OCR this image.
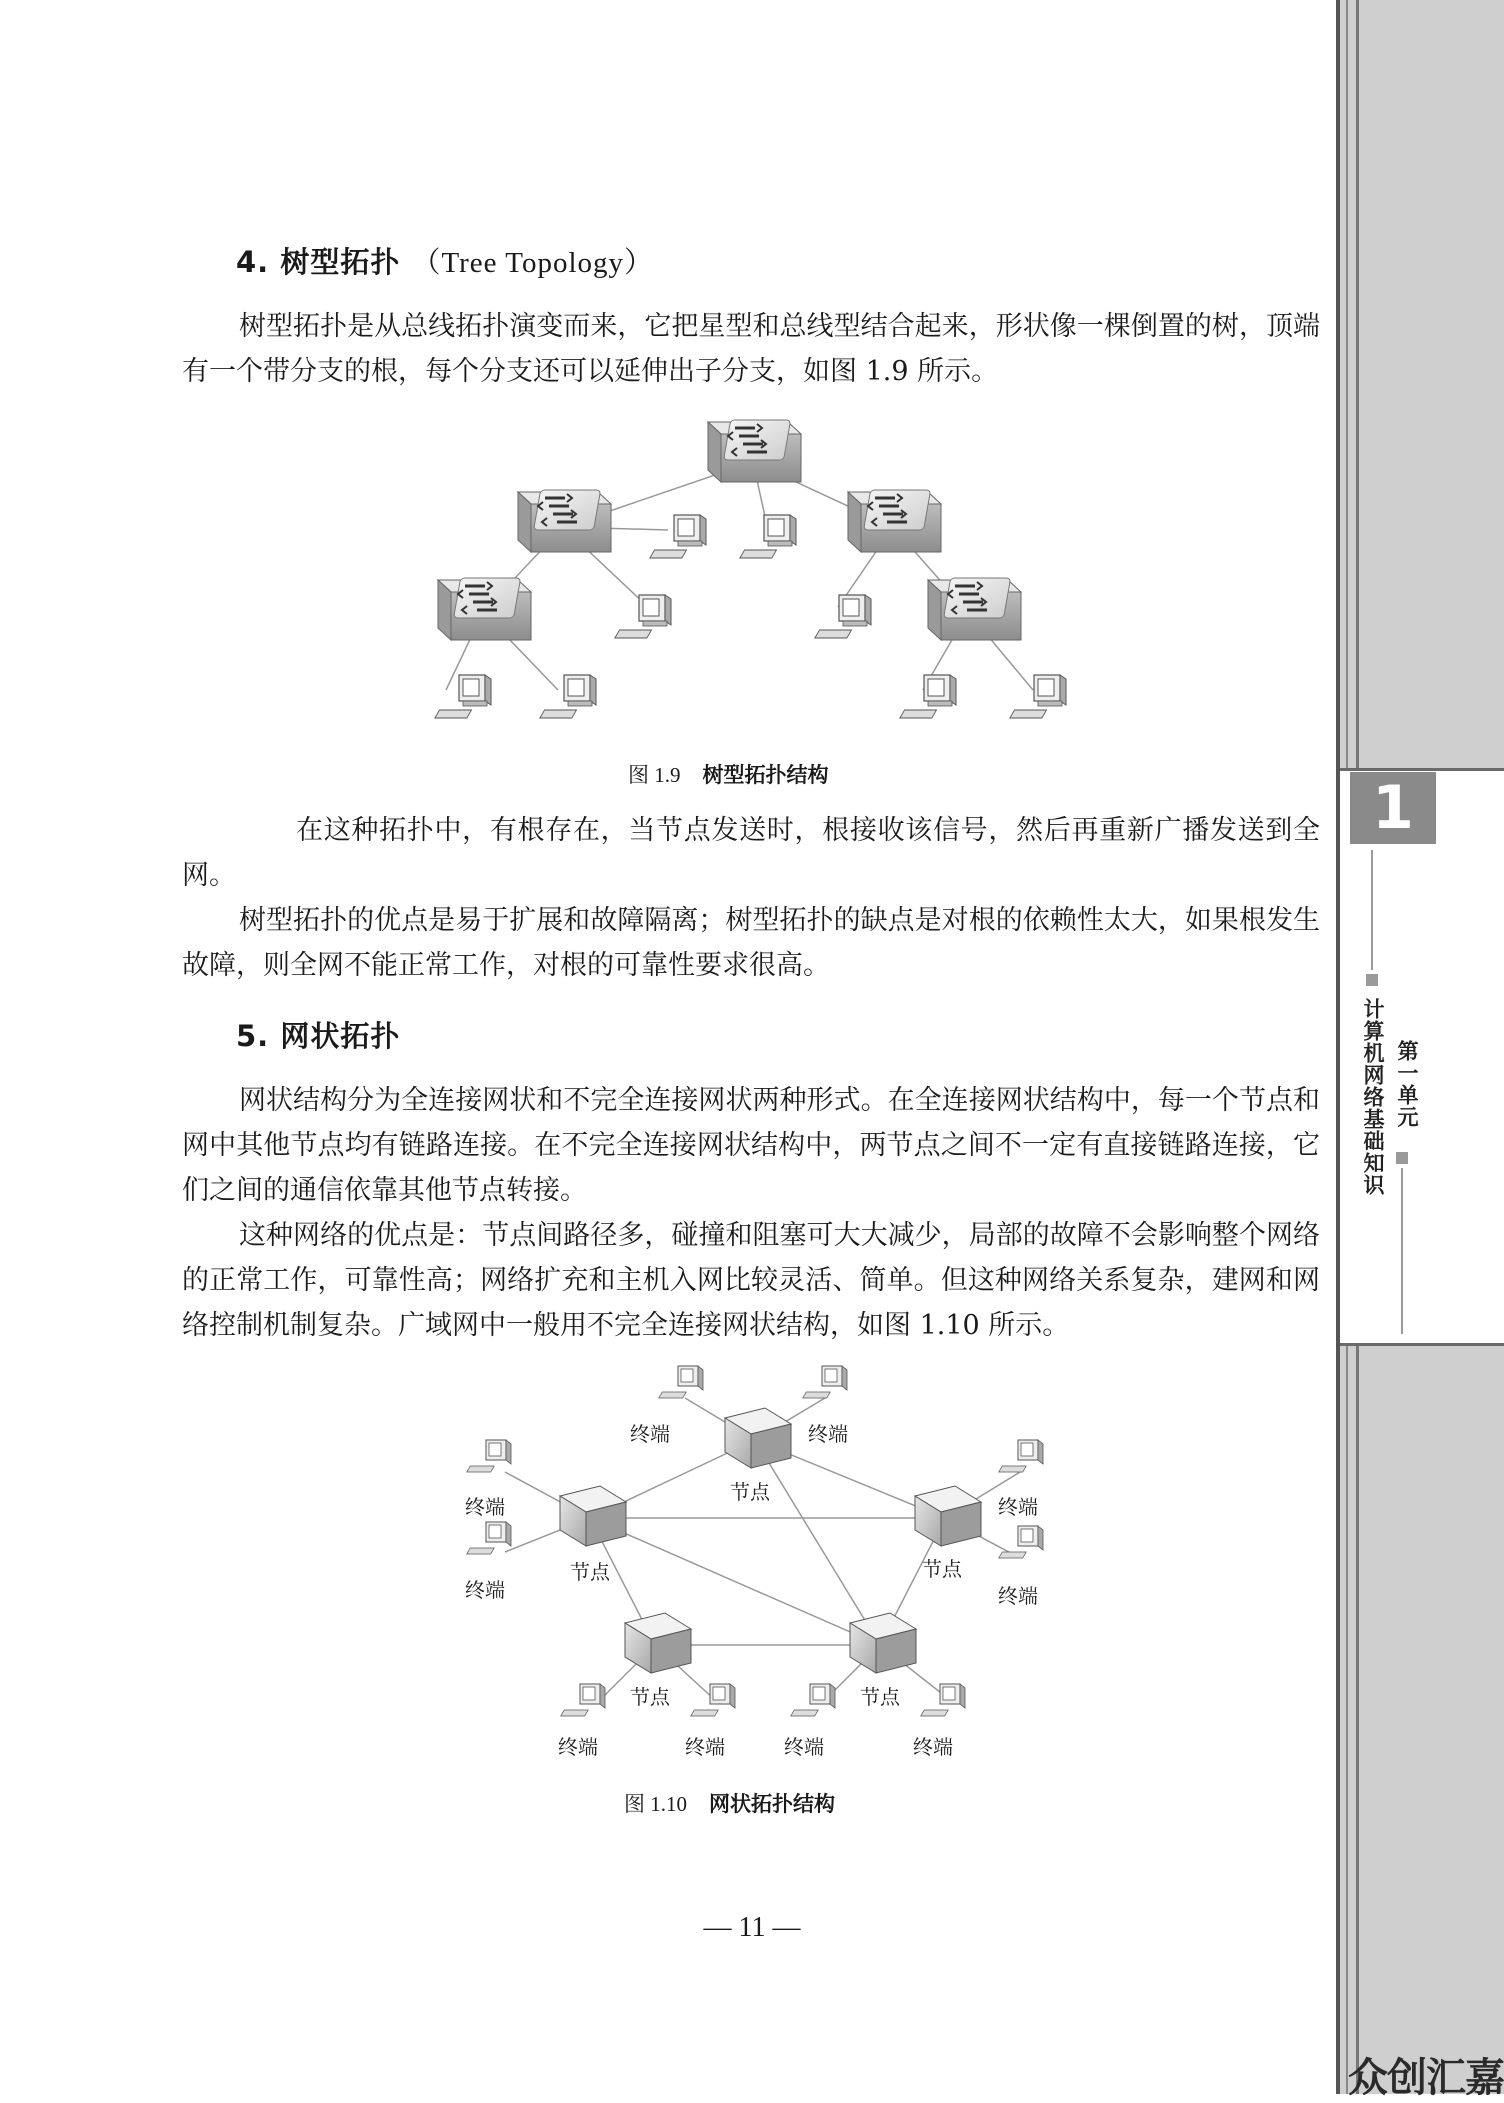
4. 树型拓扑 （Tree Topology）

树型拓扑是从总线拓扑演变而来，它把星型和总线型结合起来，形状像一棵倒置的树，顶端有一个带分支的根，每个分支还可以延伸出子分支，如图 1.9 所示。

图 1.9 树型拓扑结构

在这种拓扑中，有根存在，当节点发送时，根接收该信号，然后再重新广播发送到全网。

树型拓扑的优点是易于扩展和故障隔离；树型拓扑的缺点是对根的依赖性太大，如果根发生故障，则全网不能正常工作，对根的可靠性要求很高。

5. 网状拓扑

网状结构分为全连接网状和不完全连接网状两种形式。在全连接网状结构中，每一个节点和网中其他节点均有链路连接。在不完全连接网状结构中，两节点之间不一定有直接链路连接，它们之间的通信依靠其他节点转接。

这种网络的优点是：节点间路径多，碰撞和阻塞可大大减少，局部的故障不会影响整个网络的正常工作，可靠性高；网络扩充和主机入网比较灵活、简单。但这种网络关系复杂，建网和网络控制机制复杂。广域网中一般用不完全连接网状结构，如图 1.10 所示。

节点
节点	节点
节点	节点
终端	终端
终端
终端
终端
终端
终端	终端	终端	终端
图 1.10 网状拓扑结构
— 11 —
1
计算机网络基础知识 第一单元
众创汇嘉
